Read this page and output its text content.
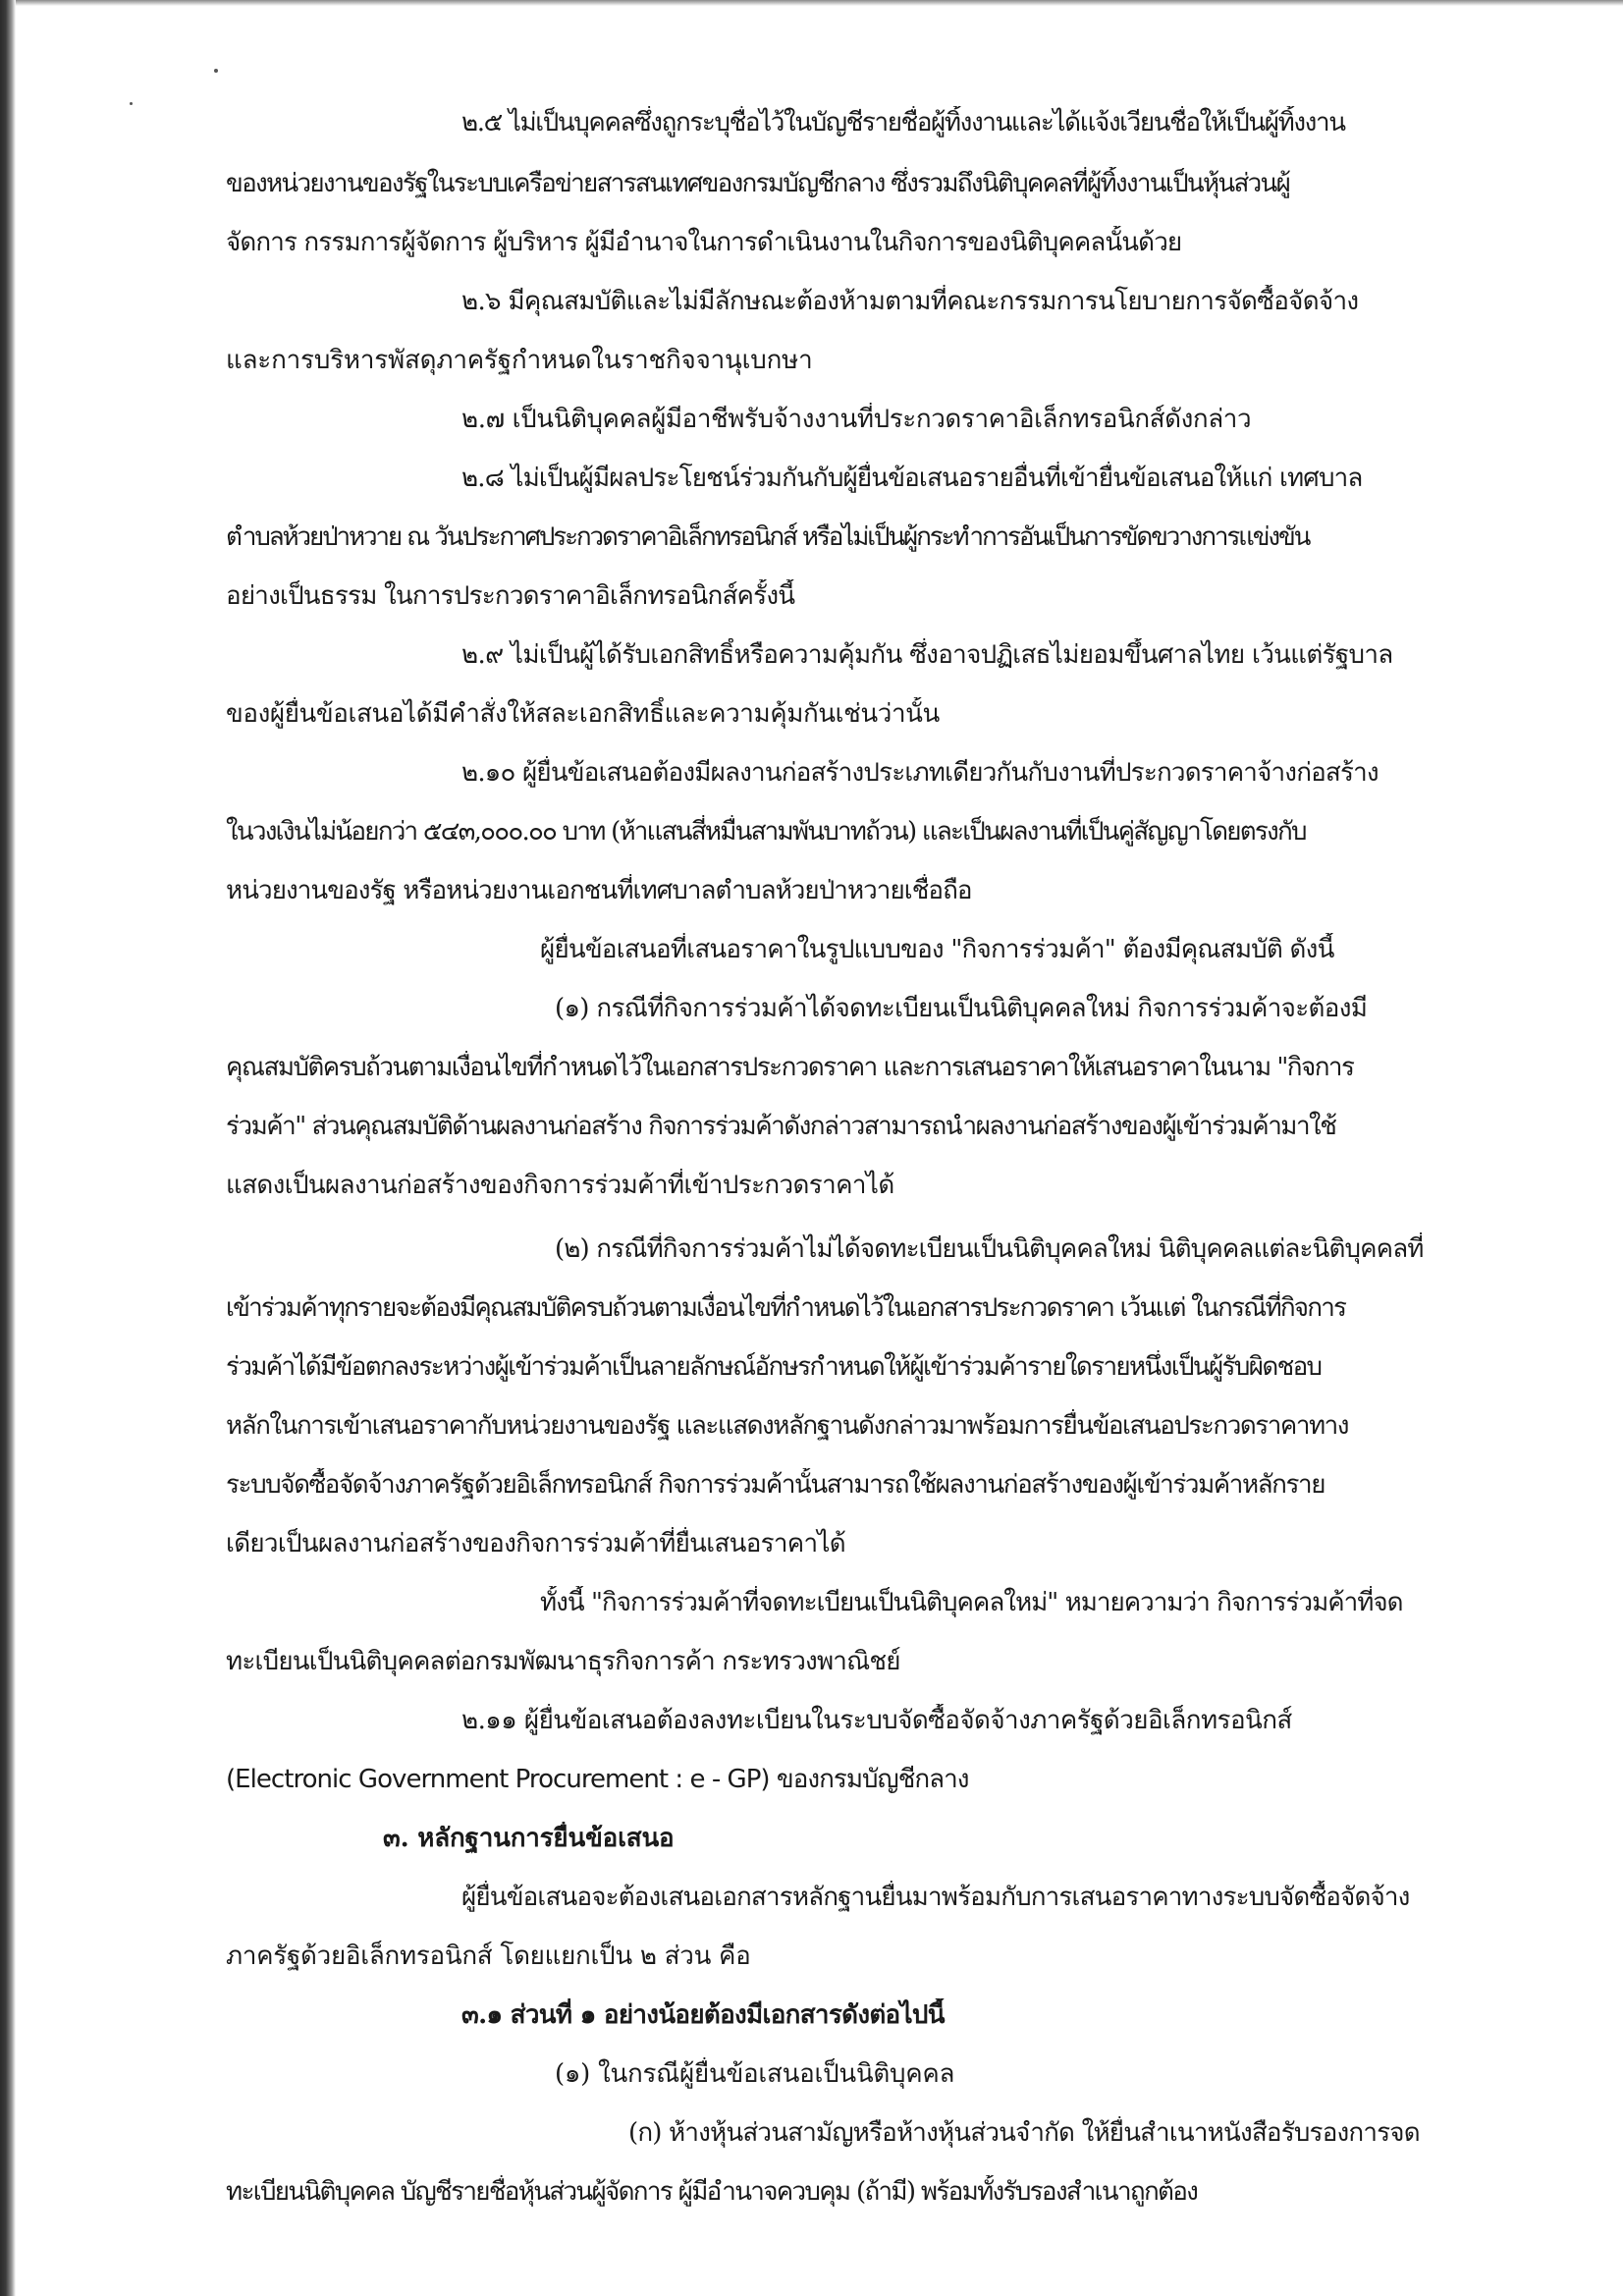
๒.๕ ไม่เป็นบุคคลซึ่งถูกระบุชื่อไว้ในบัญชีรายชื่อผู้ทิ้งงานและได้แจ้งเวียนชื่อให้เป็นผู้ทิ้งงาน
ของหน่วยงานของรัฐในระบบเครือข่ายสารสนเทศของกรมบัญชีกลาง ซึ่งรวมถึงนิติบุคคลที่ผู้ทิ้งงานเป็นหุ้นส่วนผู้
จัดการ กรรมการผู้จัดการ ผู้บริหาร ผู้มีอำนาจในการดำเนินงานในกิจการของนิติบุคคลนั้นด้วย
๒.๖ มีคุณสมบัติและไม่มีลักษณะต้องห้ามตามที่คณะกรรมการนโยบายการจัดซื้อจัดจ้าง
และการบริหารพัสดุภาครัฐกำหนดในราชกิจจานุเบกษา
๒.๗ เป็นนิติบุคคลผู้มีอาชีพรับจ้างงานที่ประกวดราคาอิเล็กทรอนิกส์ดังกล่าว
๒.๘ ไม่เป็นผู้มีผลประโยชน์ร่วมกันกับผู้ยื่นข้อเสนอรายอื่นที่เข้ายื่นข้อเสนอให้แก่ เทศบาล
ตำบลห้วยป่าหวาย ณ วันประกาศประกวดราคาอิเล็กทรอนิกส์ หรือไม่เป็นผู้กระทำการอันเป็นการขัดขวางการแข่งขัน
อย่างเป็นธรรม ในการประกวดราคาอิเล็กทรอนิกส์ครั้งนี้
๒.๙ ไม่เป็นผู้ได้รับเอกสิทธิ์หรือความคุ้มกัน ซึ่งอาจปฏิเสธไม่ยอมขึ้นศาลไทย เว้นแต่รัฐบาล
ของผู้ยื่นข้อเสนอได้มีคำสั่งให้สละเอกสิทธิ์และความคุ้มกันเช่นว่านั้น
๒.๑๐ ผู้ยื่นข้อเสนอต้องมีผลงานก่อสร้างประเภทเดียวกันกับงานที่ประกวดราคาจ้างก่อสร้าง
ในวงเงินไม่น้อยกว่า ๕๔๓,๐๐๐.๐๐ บาท (ห้าแสนสี่หมื่นสามพันบาทถ้วน) และเป็นผลงานที่เป็นคู่สัญญาโดยตรงกับ
หน่วยงานของรัฐ หรือหน่วยงานเอกชนที่เทศบาลตำบลห้วยป่าหวายเชื่อถือ
ผู้ยื่นข้อเสนอที่เสนอราคาในรูปแบบของ "กิจการร่วมค้า" ต้องมีคุณสมบัติ ดังนี้
(๑) กรณีที่กิจการร่วมค้าได้จดทะเบียนเป็นนิติบุคคลใหม่ กิจการร่วมค้าจะต้องมี
คุณสมบัติครบถ้วนตามเงื่อนไขที่กำหนดไว้ในเอกสารประกวดราคา และการเสนอราคาให้เสนอราคาในนาม "กิจการ
ร่วมค้า" ส่วนคุณสมบัติด้านผลงานก่อสร้าง กิจการร่วมค้าดังกล่าวสามารถนำผลงานก่อสร้างของผู้เข้าร่วมค้ามาใช้
แสดงเป็นผลงานก่อสร้างของกิจการร่วมค้าที่เข้าประกวดราคาได้
(๒) กรณีที่กิจการร่วมค้าไม่ได้จดทะเบียนเป็นนิติบุคคลใหม่ นิติบุคคลแต่ละนิติบุคคลที่
เข้าร่วมค้าทุกรายจะต้องมีคุณสมบัติครบถ้วนตามเงื่อนไขที่กำหนดไว้ในเอกสารประกวดราคา เว้นแต่ ในกรณีที่กิจการ
ร่วมค้าได้มีข้อตกลงระหว่างผู้เข้าร่วมค้าเป็นลายลักษณ์อักษรกำหนดให้ผู้เข้าร่วมค้ารายใดรายหนึ่งเป็นผู้รับผิดชอบ
หลักในการเข้าเสนอราคากับหน่วยงานของรัฐ และแสดงหลักฐานดังกล่าวมาพร้อมการยื่นข้อเสนอประกวดราคาทาง
ระบบจัดซื้อจัดจ้างภาครัฐด้วยอิเล็กทรอนิกส์ กิจการร่วมค้านั้นสามารถใช้ผลงานก่อสร้างของผู้เข้าร่วมค้าหลักราย
เดียวเป็นผลงานก่อสร้างของกิจการร่วมค้าที่ยื่นเสนอราคาได้
ทั้งนี้ "กิจการร่วมค้าที่จดทะเบียนเป็นนิติบุคคลใหม่" หมายความว่า กิจการร่วมค้าที่จด
ทะเบียนเป็นนิติบุคคลต่อกรมพัฒนาธุรกิจการค้า กระทรวงพาณิชย์
๒.๑๑ ผู้ยื่นข้อเสนอต้องลงทะเบียนในระบบจัดซื้อจัดจ้างภาครัฐด้วยอิเล็กทรอนิกส์
(Electronic Government Procurement : e - GP) ของกรมบัญชีกลาง
๓. หลักฐานการยื่นข้อเสนอ
ผู้ยื่นข้อเสนอจะต้องเสนอเอกสารหลักฐานยื่นมาพร้อมกับการเสนอราคาทางระบบจัดซื้อจัดจ้าง
ภาครัฐด้วยอิเล็กทรอนิกส์ โดยแยกเป็น ๒ ส่วน คือ
๓.๑ ส่วนที่ ๑ อย่างน้อยต้องมีเอกสารดังต่อไปนี้
(๑) ในกรณีผู้ยื่นข้อเสนอเป็นนิติบุคคล
(ก) ห้างหุ้นส่วนสามัญหรือห้างหุ้นส่วนจำกัด ให้ยื่นสำเนาหนังสือรับรองการจด
ทะเบียนนิติบุคคล บัญชีรายชื่อหุ้นส่วนผู้จัดการ ผู้มีอำนาจควบคุม (ถ้ามี) พร้อมทั้งรับรองสำเนาถูกต้อง
